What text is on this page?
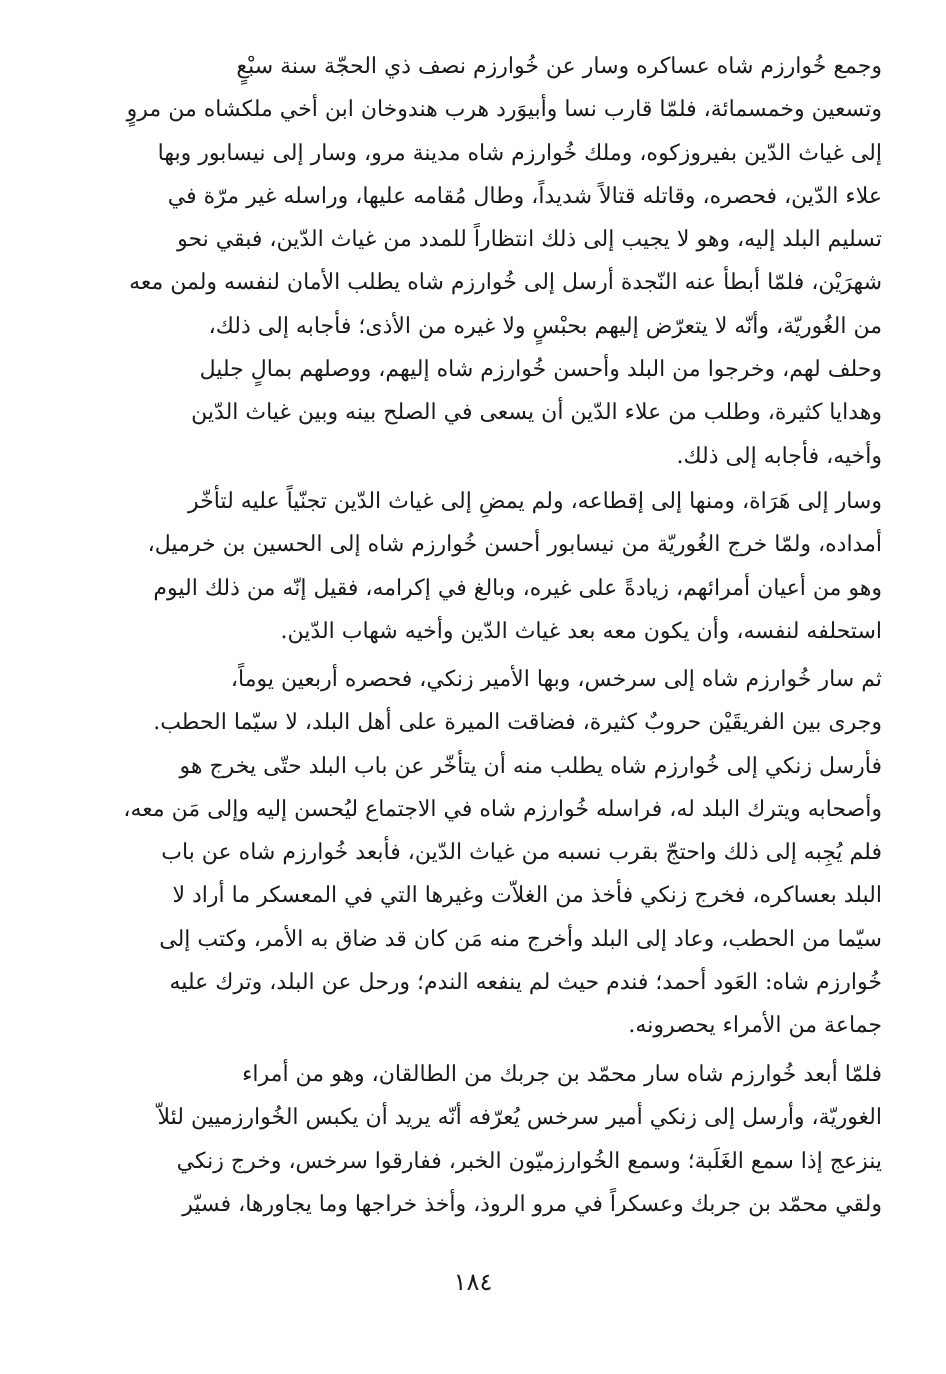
وجمع خُوارزم شاه عساكره وسار عن خُوارزم نصف ذي الحجّة سنة سبْعٍ
وتسعين وخمسمائة، فلمّا قارب نسا وأبيوَرد هرب هندوخان ابن أخي ملكشاه من مروٍ
إلى غياث الدّين بفيروزكوه، وملك خُوارزم شاه مدينة مرو، وسار إلى نيسابور وبها
علاء الدّين، فحصره، وقاتله قتالاً شديداً، وطال مُقامه عليها، وراسله غير مرّة في
تسليم البلد إليه، وهو لا يجيب إلى ذلك انتظاراً للمدد من غياث الدّين، فبقي نحو
شهرَيْن، فلمّا أبطأ عنه النّجدة أرسل إلى خُوارزم شاه يطلب الأمان لنفسه ولمن معه
من الغُوريّة، وأنّه لا يتعرّض إليهم بحبْسٍ ولا غيره من الأذى؛ فأجابه إلى ذلك،
وحلف لهم، وخرجوا من البلد وأحسن خُوارزم شاه إليهم، ووصلهم بمالٍ جليل
وهدايا كثيرة، وطلب من علاء الدّين أن يسعى في الصلح بينه وبين غياث الدّين
وأخيه، فأجابه إلى ذلك.
وسار إلى هَرَاة، ومنها إلى إقطاعه، ولم يمضِ إلى غياث الدّين تجنّياً عليه لتأخّر
أمداده، ولمّا خرج الغُوريّة من نيسابور أحسن خُوارزم شاه إلى الحسين بن خرميل،
وهو من أعيان أمرائهم، زيادةً على غيره، وبالغ في إكرامه، فقيل إنّه من ذلك اليوم
استحلفه لنفسه، وأن يكون معه بعد غياث الدّين وأخيه شهاب الدّين.
ثم سار خُوارزم شاه إلى سرخس، وبها الأمير زنكي، فحصره أربعين يوماً،
وجرى بين الفريقَيْن حروبٌ كثيرة، فضاقت الميرة على أهل البلد، لا سيّما الحطب.
فأرسل زنكي إلى خُوارزم شاه يطلب منه أن يتأخّر عن باب البلد حتّى يخرج هو
وأصحابه ويترك البلد له، فراسله خُوارزم شاه في الاجتماع ليُحسن إليه وإلى مَن معه،
فلم يُجِبه إلى ذلك واحتجّ بقرب نسبه من غياث الدّين، فأبعد خُوارزم شاه عن باب
البلد بعساكره، فخرج زنكي فأخذ من الغلاّت وغيرها التي في المعسكر ما أراد لا
سيّما من الحطب، وعاد إلى البلد وأخرج منه مَن كان قد ضاق به الأمر، وكتب إلى
خُوارزم شاه: العَود أحمد؛ فندم حيث لم ينفعه الندم؛ ورحل عن البلد، وترك عليه
جماعة من الأمراء يحصرونه.
فلمّا أبعد خُوارزم شاه سار محمّد بن جربك من الطالقان، وهو من أمراء
الغوريّة، وأرسل إلى زنكي أمير سرخس يُعرّفه أنّه يريد أن يكبس الخُوارزميين لئلاّ
ينزعج إذا سمع الغَلَبة؛ وسمع الخُوارزميّون الخبر، ففارقوا سرخس، وخرج زنكي
ولقي محمّد بن جربك وعسكراً في مرو الروذ، وأخذ خراجها وما يجاورها، فسيّر
١٨٤
